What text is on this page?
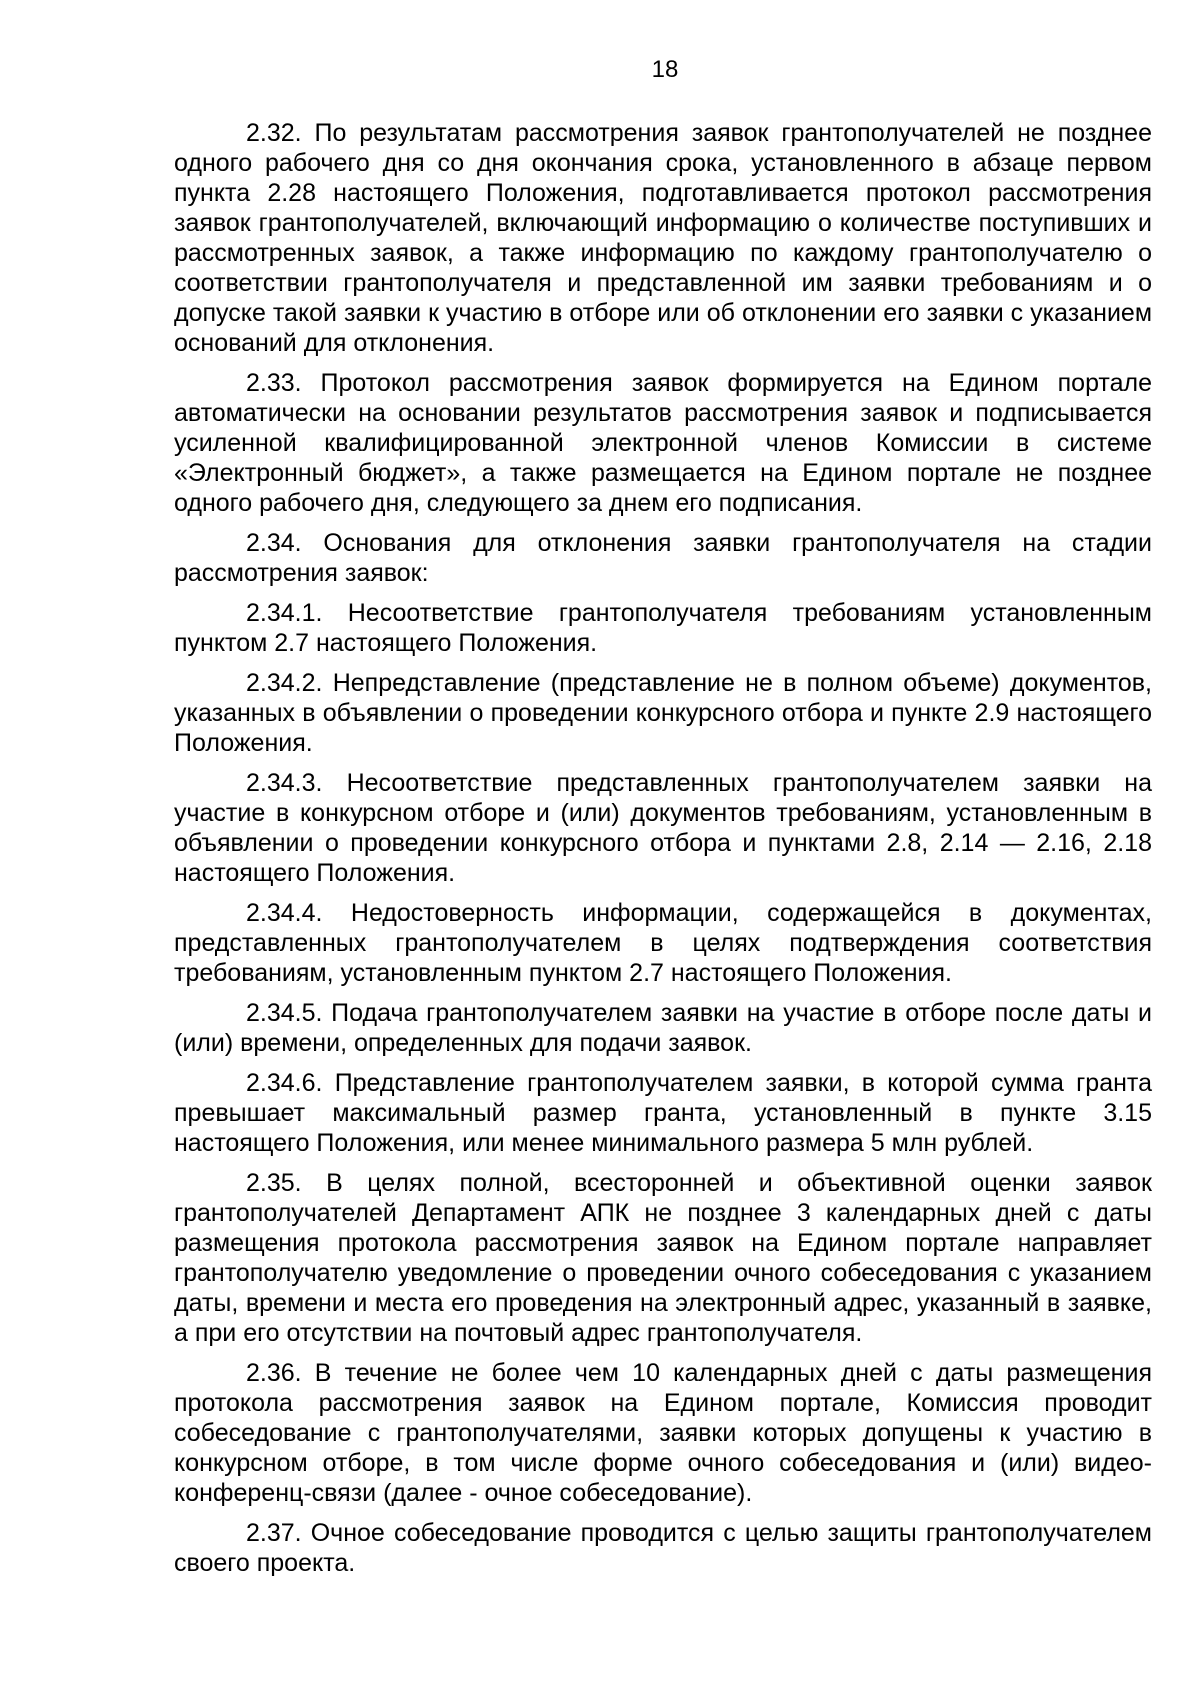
18

2.32. По результатам рассмотрения заявок грантополучателей не позднее одного рабочего дня со дня окончания срока, установленного в абзаце первом пункта 2.28 настоящего Положения, подготавливается протокол рассмотрения заявок грантополучателей, включающий информацию о количестве поступивших и рассмотренных заявок, а также информацию по каждому грантополучателю о соответствии грантополучателя и представленной им заявки требованиям и о допуске такой заявки к участию в отборе или об отклонении его заявки с указанием оснований для отклонения.

2.33. Протокол рассмотрения заявок формируется на Едином портале автоматически на основании результатов рассмотрения заявок и подписывается усиленной квалифицированной электронной членов Комиссии в системе «Электронный бюджет», а также размещается на Едином портале не позднее одного рабочего дня, следующего за днем его подписания.

2.34. Основания для отклонения заявки грантополучателя на стадии рассмотрения заявок:

2.34.1. Несоответствие грантополучателя требованиям установленным пунктом 2.7 настоящего Положения.

2.34.2. Непредставление (представление не в полном объеме) документов, указанных в объявлении о проведении конкурсного отбора и пункте 2.9 настоящего Положения.

2.34.3. Несоответствие представленных грантополучателем заявки на участие в конкурсном отборе и (или) документов требованиям, установленным в объявлении о проведении конкурсного отбора и пунктами 2.8, 2.14 — 2.16, 2.18 настоящего Положения.

2.34.4. Недостоверность информации, содержащейся в документах, представленных грантополучателем в целях подтверждения соответствия требованиям, установленным пунктом 2.7 настоящего Положения.

2.34.5. Подача грантополучателем заявки на участие в отборе после даты и (или) времени, определенных для подачи заявок.

2.34.6. Представление грантополучателем заявки, в которой сумма гранта превышает максимальный размер гранта, установленный в пункте 3.15 настоящего Положения, или менее минимального размера 5 млн рублей.

2.35. В целях полной, всесторонней и объективной оценки заявок грантополучателей Департамент АПК не позднее 3 календарных дней с даты размещения протокола рассмотрения заявок на Едином портале направляет грантополучателю уведомление о проведении очного собеседования с указанием даты, времени и места его проведения на электронный адрес, указанный в заявке, а при его отсутствии на почтовый адрес грантополучателя.

2.36. В течение не более чем 10 календарных дней с даты размещения протокола рассмотрения заявок на Едином портале, Комиссия проводит собеседование с грантополучателями, заявки которых допущены к участию в конкурсном отборе, в том числе форме очного собеседования и (или) видео-конференц-связи (далее - очное собеседование).

2.37. Очное собеседование проводится с целью защиты грантополучателем своего проекта.
